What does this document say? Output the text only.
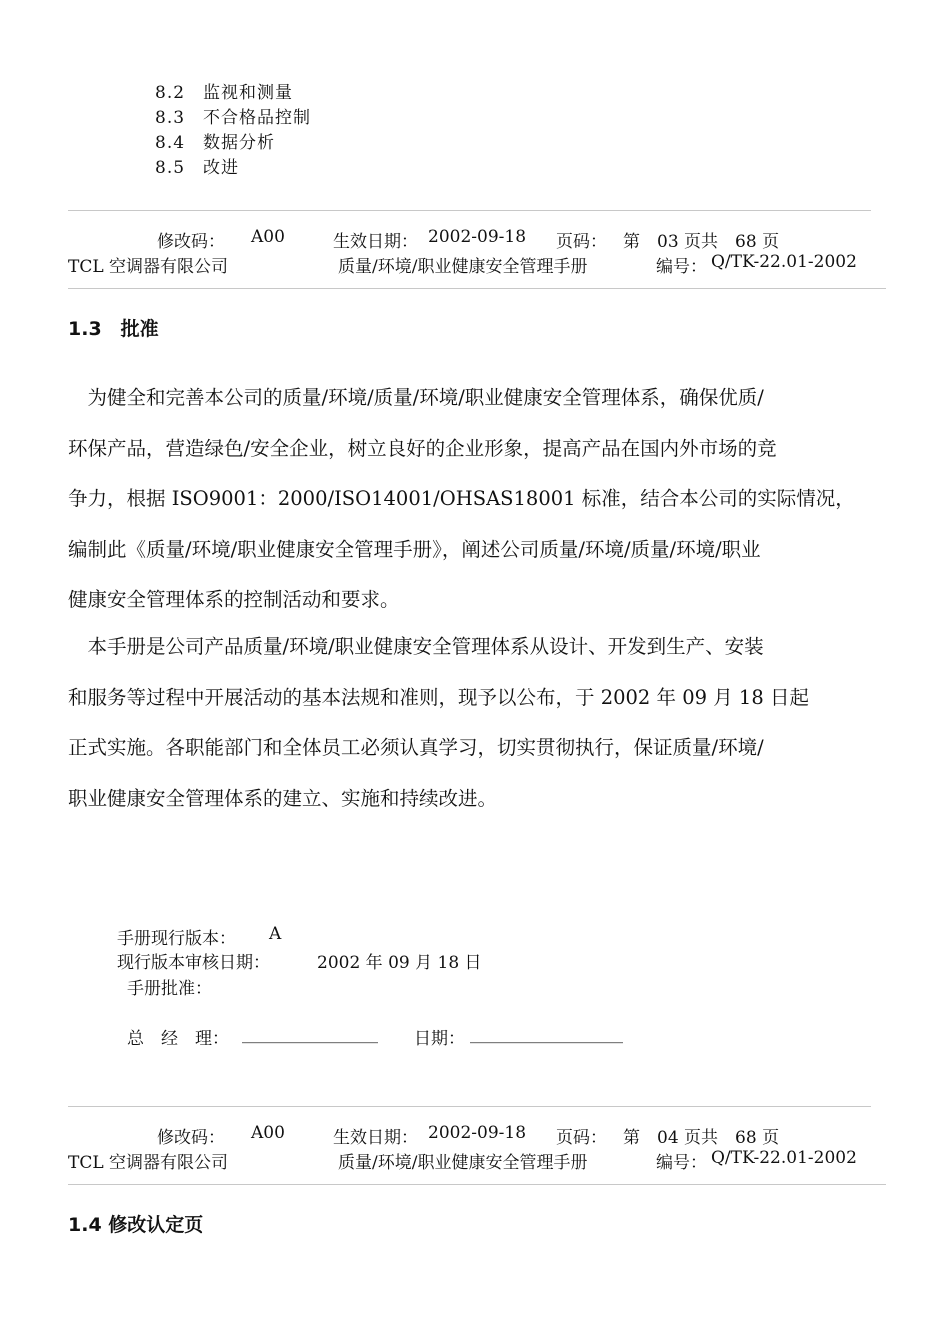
8.2 监视和测量
8.3 不合格品控制
8.4 数据分析
8.5 改进
修改码： A00	生效日期： 2002-09-18 页码： 第　03 页共　68 页
TCL 空调器有限公司	质量/环境/职业健康安全管理手册	编号： Q/TK-22.01-2002
1.3　批准

　为健全和完善本公司的质量/环境/质量/环境/职业健康安全管理体系，确保优质/

环保产品，营造绿色/安全企业，树立良好的企业形象，提高产品在国内外市场的竞

争力，根据 ISO9001：2000/ISO14001/OHSAS18001 标准，结合本公司的实际情况，

编制此《质量/环境/职业健康安全管理手册》，阐述公司质量/环境/质量/环境/职业

健康安全管理体系的控制活动和要求。

　本手册是公司产品质量/环境/职业健康安全管理体系从设计、开发到生产、安装

和服务等过程中开展活动的基本法规和准则，现予以公布，于 2002 年 09 月 18 日起

正式实施。各职能部门和全体员工必须认真学习，切实贯彻执行，保证质量/环境/

职业健康安全管理体系的建立、实施和持续改进。

手册现行版本： A
现行版本审核日期：	2002 年 09 月 18 日
手册批准：
总　经　理： ________________ 日期： __________________
修改码： A00	生效日期： 2002-09-18 页码： 第　04 页共　68 页
TCL 空调器有限公司	质量/环境/职业健康安全管理手册	编号： Q/TK-22.01-2002
1.4 修改认定页
